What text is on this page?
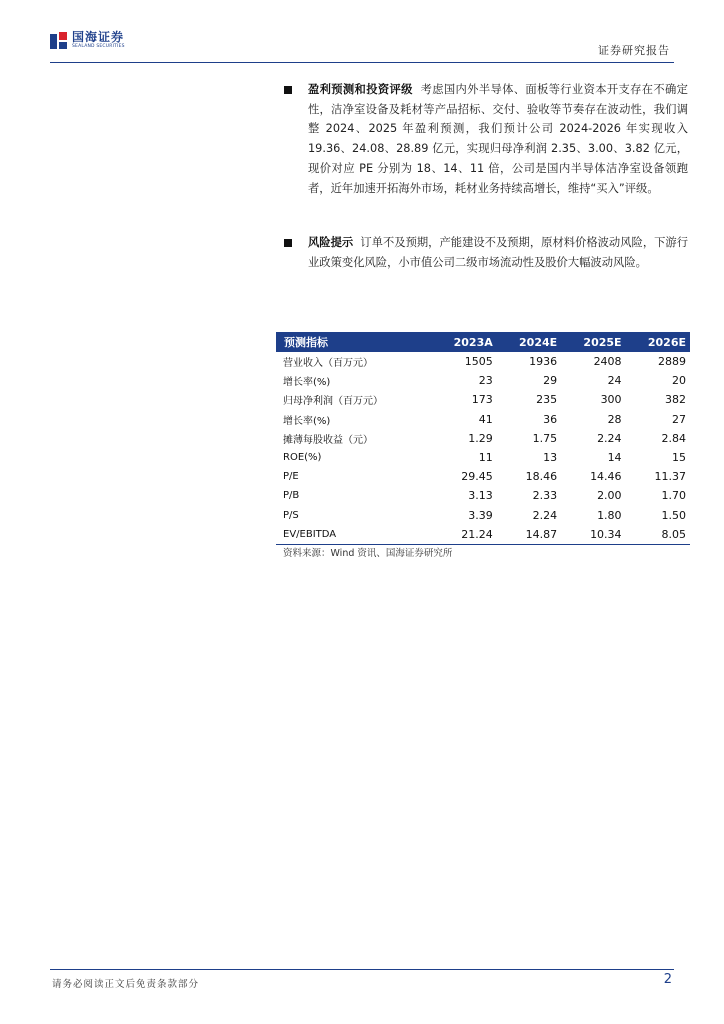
国海证券
SEALAND SECURITIES	证券研究报告
盈利预测和投资评级 考虑国内外半导体、面板等行业资本开支存在不确定性，洁净室设备及耗材等产品招标、交付、验收等节奏存在波动性，我们调整 2024、2025 年盈利预测，我们预计公司 2024-2026 年实现收入 19.36、24.08、28.89 亿元，实现归母净利润 2.35、3.00、3.82 亿元，现价对应 PE 分别为 18、14、11 倍，公司是国内半导体洁净室设备领跑者，近年加速开拓海外市场，耗材业务持续高增长，维持“买入”评级。
风险提示 订单不及预期，产能建设不及预期，原材料价格波动风险，下游行业政策变化风险，小市值公司二级市场流动性及股价大幅波动风险。
预测指标	2023A	2024E	2025E	2026E
营业收入（百万元）	1505	1936	2408	2889
增长率(%)	23	29	24	20
归母净利润（百万元）	173	235	300	382
增长率(%)	41	36	28	27
摊薄每股收益（元）	1.29	1.75	2.24	2.84
ROE(%)	11	13	14	15
P/E	29.45	18.46	14.46	11.37
P/B	3.13	2.33	2.00	1.70
P/S	3.39	2.24	1.80	1.50
EV/EBITDA	21.24	14.87	10.34	8.05
资料来源：Wind 资讯、国海证券研究所
请务必阅读正文后免责条款部分	2
